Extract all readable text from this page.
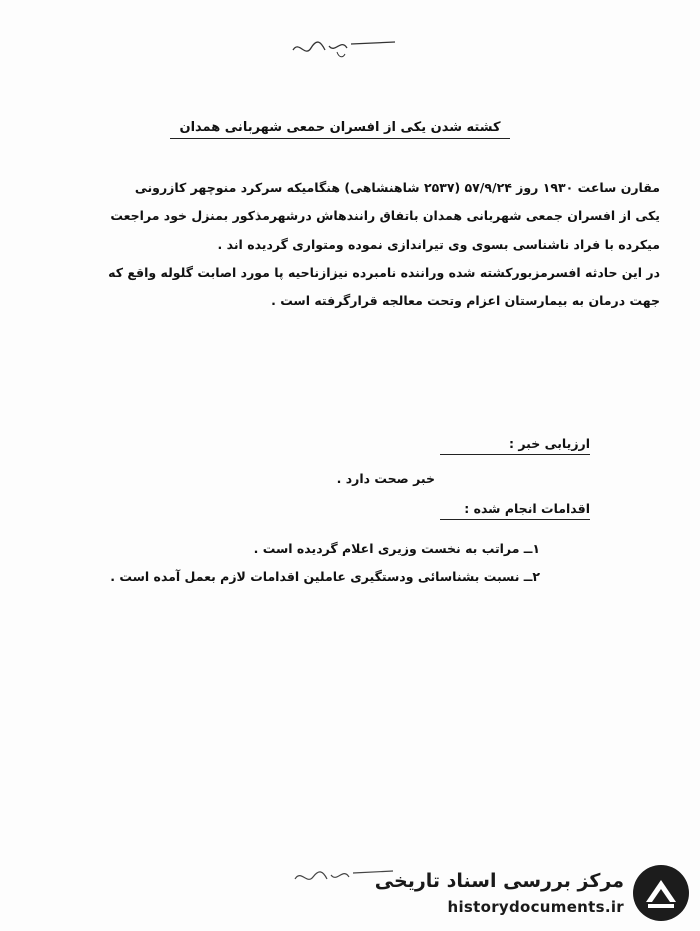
کشته شدن یکی از افسران حمعی شهربانی همدان
مقارن ساعت ۱۹۳۰ روز ۵۷/۹/۲۴ (۲۵۳۷ شاهنشاهی) هنگامیکه سرکرد منوچهر کازرونی
یکی از افسران جمعی شهربانی همدان باتفاق رانندهاش درشهرمذکور بمنزل خود مراجعت
میکرده با فراد ناشناسی بسوی وی تیراندازی نموده ومتواری گردیده اند .
در این حادثه افسرمزبورکشته شده وراننده نامبرده نیزازناحیه پا مورد اصابت گلوله واقع که
جهت درمان به بیمارستان اعزام وتحت معالجه قرارگرفته است .
ارزیابی خبر :
خبر صحت دارد .
اقدامات انجام شده :
۱ــ مراتب به نخست وزیری اعلام گردیده است .
۲ــ نسبت بشناسائی ودستگیری عاملین اقدامات لازم بعمل آمده است .
مرکز بررسی اسناد تاریخی
historydocuments.ir
